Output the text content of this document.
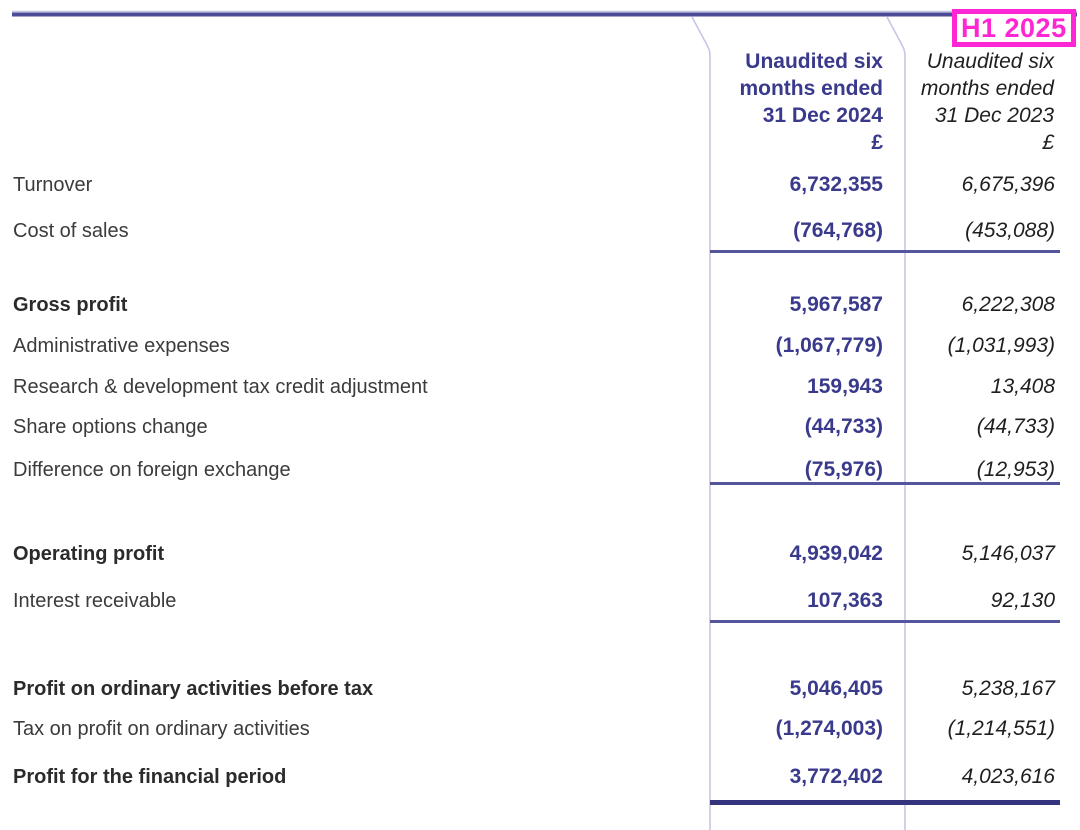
H1 2025
Unaudited six
months ended
31 Dec 2024
£
Unaudited six
months ended
31 Dec 2023
£
Turnover	6,732,355	6,675,396
Cost of sales	(764,768)	(453,088)
Gross profit	5,967,587	6,222,308
Administrative expenses	(1,067,779)	(1,031,993)
Research & development tax credit adjustment	159,943	13,408
Share options change	(44,733)	(44,733)
Difference on foreign exchange	(75,976)	(12,953)
Operating profit	4,939,042	5,146,037
Interest receivable	107,363	92,130
Profit on ordinary activities before tax	5,046,405	5,238,167
Tax on profit on ordinary activities	(1,274,003)	(1,214,551)
Profit for the financial period	3,772,402	4,023,616
